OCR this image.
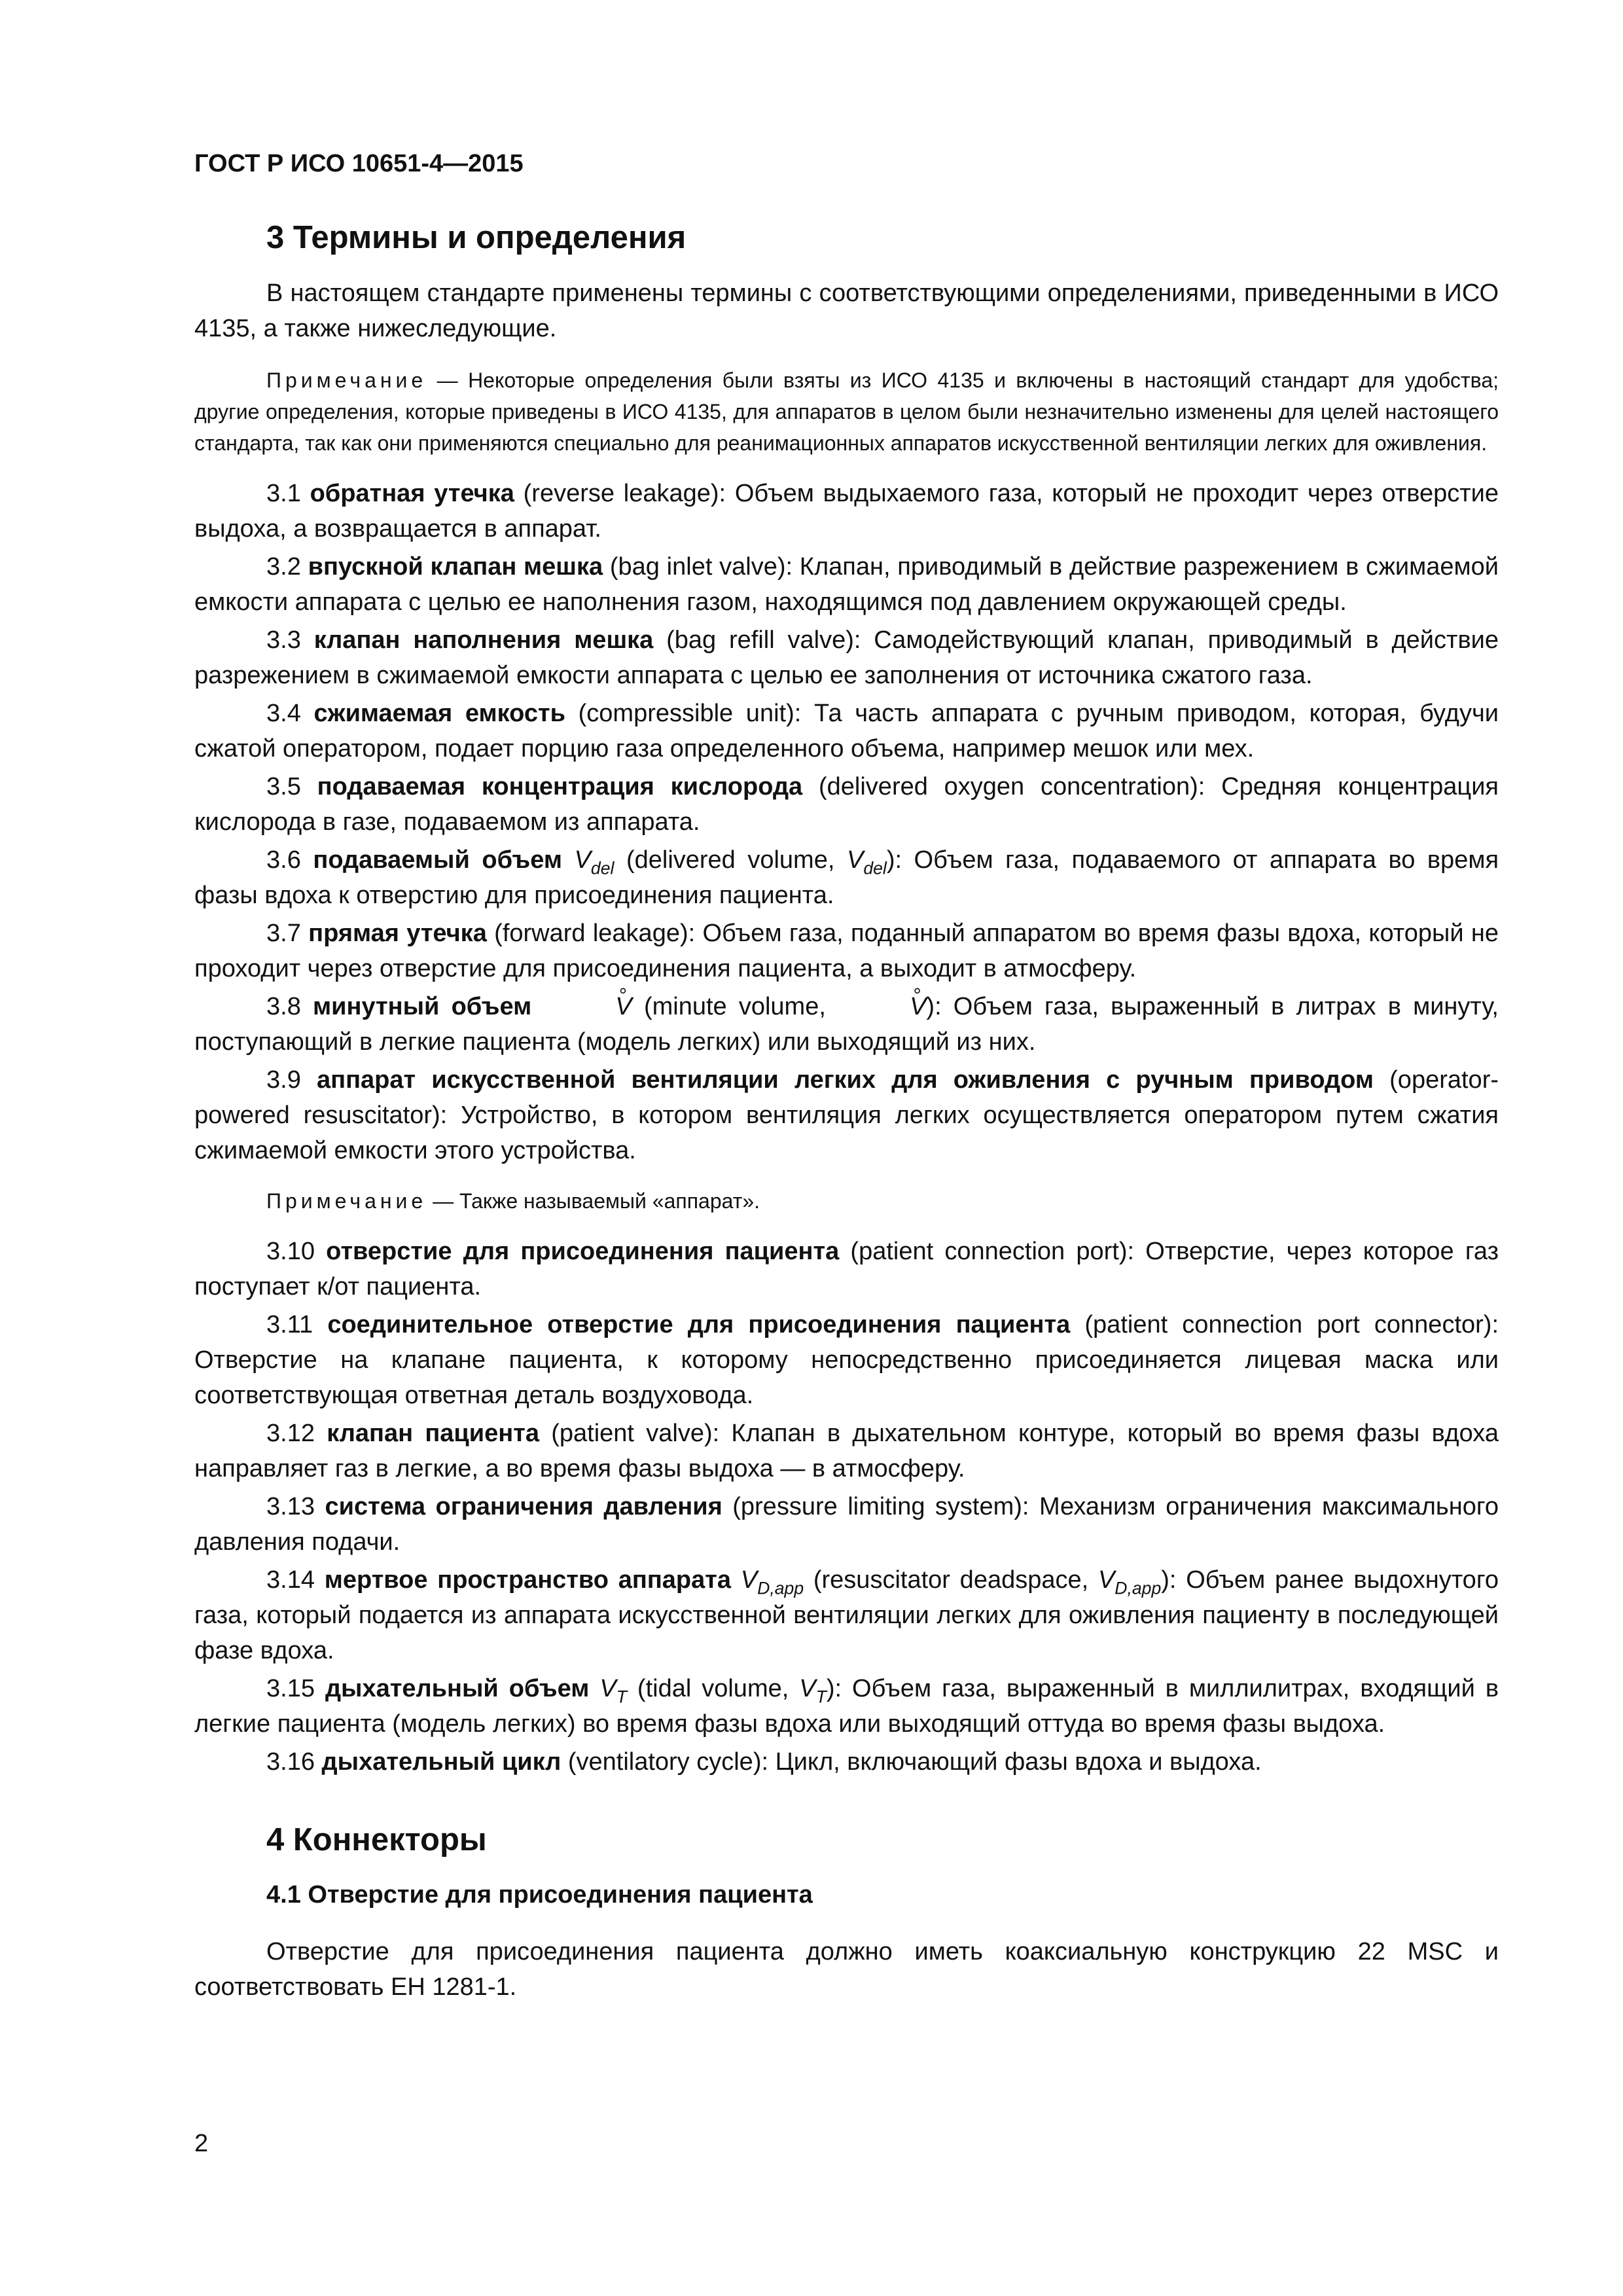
ГОСТ Р ИСО 10651-4—2015
3 Термины и определения

В настоящем стандарте применены термины с соответствующими определениями, приведенными в ИСО 4135, а также нижеследующие.

Примечание — Некоторые определения были взяты из ИСО 4135 и включены в настоящий стандарт для удобства; другие определения, которые приведены в ИСО 4135, для аппаратов в целом были незначительно изменены для целей настоящего стандарта, так как они применяются специально для реанимационных аппаратов искусственной вентиляции легких для оживления.

3.1 обратная утечка (reverse leakage): Объем выдыхаемого газа, который не проходит через отверстие выдоха, а возвращается в аппарат.

3.2 впускной клапан мешка (bag inlet valve): Клапан, приводимый в действие разрежением в сжимаемой емкости аппарата с целью ее наполнения газом, находящимся под давлением окружающей среды.

3.3 клапан наполнения мешка (bag refill valve): Самодействующий клапан, приводимый в действие разрежением в сжимаемой емкости аппарата с целью ее заполнения от источника сжатого газа.

3.4 сжимаемая емкость (compressible unit): Та часть аппарата с ручным приводом, которая, будучи сжатой оператором, подает порцию газа определенного объема, например мешок или мех.

3.5 подаваемая концентрация кислорода (delivered oxygen concentration): Средняя концентрация кислорода в газе, подаваемом из аппарата.

3.6 подаваемый объем $V_{del}$ (delivered volume, $V_{del}$): Объем газа, подаваемого от аппарата во время фазы вдоха к отверстию для присоединения пациента.

3.7 прямая утечка (forward leakage): Объем газа, поданный аппаратом во время фазы вдоха, который не проходит через отверстие для присоединения пациента, а выходит в атмосферу.

3.8 минутный объем	° V (minute volume,	° V): Объем газа, выраженный в литрах в минуту, поступающий в легкие пациента (модель легких) или выходящий из них.

3.9 аппарат искусственной вентиляции легких для оживления с ручным приводом (operator-powered resuscitator): Устройство, в котором вентиляция легких осуществляется оператором путем сжатия сжимаемой емкости этого устройства.

Примечание — Также называемый «аппарат».

3.10 отверстие для присоединения пациента (patient connection port): Отверстие, через которое газ поступает к/от пациента.

3.11 соединительное отверстие для присоединения пациента (patient connection port connector): Отверстие на клапане пациента, к которому непосредственно присоединяется лицевая маска или соответствующая ответная деталь воздуховода.

3.12 клапан пациента (patient valve): Клапан в дыхательном контуре, который во время фазы вдоха направляет газ в легкие, а во время фазы выдоха — в атмосферу.

3.13 система ограничения давления (pressure limiting system): Механизм ограничения максимального давления подачи.

3.14 мертвое пространство аппарата $V_{D,app}$ (resuscitator deadspace, $V_{D,app}$): Объем ранее выдохнутого газа, который подается из аппарата искусственной вентиляции легких для оживления пациенту в последующей фазе вдоха.

3.15 дыхательный объем $V_T$ (tidal volume, $V_T$): Объем газа, выраженный в миллилитрах, входящий в легкие пациента (модель легких) во время фазы вдоха или выходящий оттуда во время фазы выдоха.

3.16 дыхательный цикл (ventilatory cycle): Цикл, включающий фазы вдоха и выдоха.

4 Коннекторы
4.1 Отверстие для присоединения пациента

Отверстие для присоединения пациента должно иметь коаксиальную конструкцию 22 MSC и соответствовать ЕН 1281-1.

2
